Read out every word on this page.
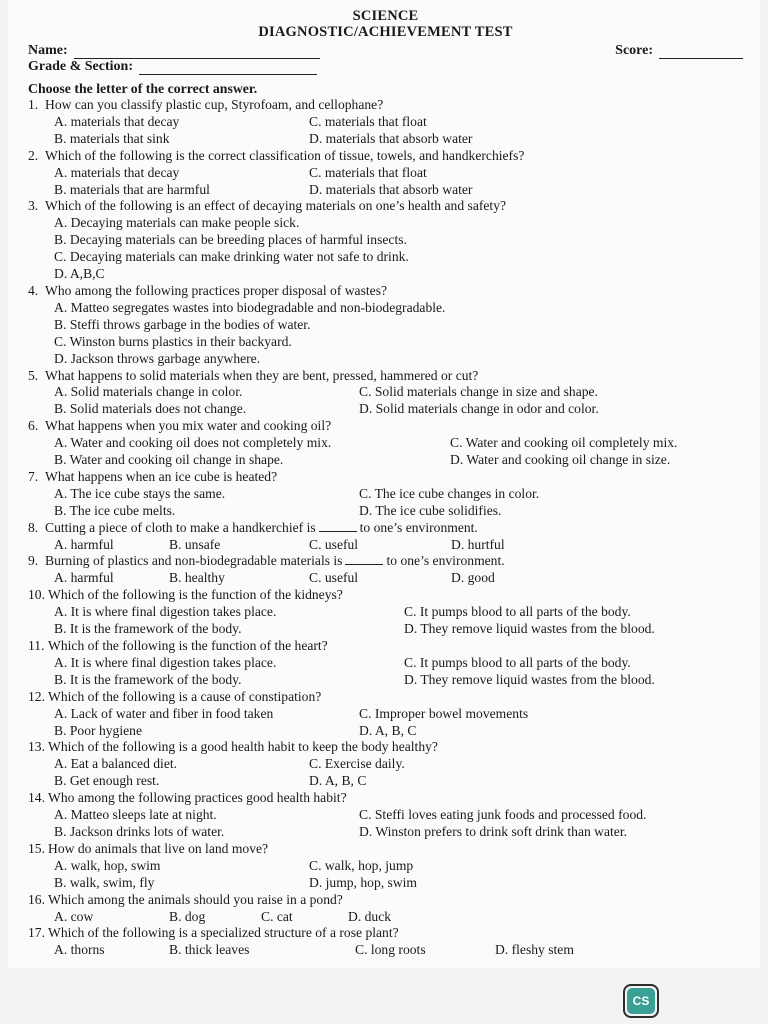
SCIENCE
DIAGNOSTIC/ACHIEVEMENT TEST
Name:
Grade & Section:
Score:
Choose the letter of the correct answer.
1. How can you classify plastic cup, Styrofoam, and cellophane?
A. materials that decay	C. materials that float
B. materials that sink	D. materials that absorb water
2. Which of the following is the correct classification of tissue, towels, and handkerchiefs?
A. materials that decay	C. materials that float
B. materials that are harmful	D. materials that absorb water
3. Which of the following is an effect of decaying materials on one’s health and safety?
A. Decaying materials can make people sick.
B. Decaying materials can be breeding places of harmful insects.
C. Decaying materials can make drinking water not safe to drink.
D. A,B,C
4. Who among the following practices proper disposal of wastes?
A. Matteo segregates wastes into biodegradable and non-biodegradable.
B. Steffi throws garbage in the bodies of water.
C. Winston burns plastics in their backyard.
D. Jackson throws garbage anywhere.
5. What happens to solid materials when they are bent, pressed, hammered or cut?
A. Solid materials change in color.	C. Solid materials change in size and shape.
B. Solid materials does not change.	D. Solid materials change in odor and color.
6. What happens when you mix water and cooking oil?
A. Water and cooking oil does not completely mix.	C. Water and cooking oil completely mix.
B. Water and cooking oil change in shape.	D. Water and cooking oil change in size.
7. What happens when an ice cube is heated?
A. The ice cube stays the same.	C. The ice cube changes in color.
B. The ice cube melts.	D. The ice cube solidifies.
8. Cutting a piece of cloth to make a handkerchief is	to one’s environment.
A. harmful	B. unsafe	C. useful	D. hurtful
9. Burning of plastics and non-biodegradable materials is	to one’s environment.
A. harmful	B. healthy	C. useful	D. good
10. Which of the following is the function of the kidneys?
A. It is where final digestion takes place.	C. It pumps blood to all parts of the body.
B. It is the framework of the body.	D. They remove liquid wastes from the blood.
11. Which of the following is the function of the heart?
A. It is where final digestion takes place.	C. It pumps blood to all parts of the body.
B. It is the framework of the body.	D. They remove liquid wastes from the blood.
12. Which of the following is a cause of constipation?
A. Lack of water and fiber in food taken	C. Improper bowel movements
B. Poor hygiene	D. A, B, C
13. Which of the following is a good health habit to keep the body healthy?
A. Eat a balanced diet.	C. Exercise daily.
B. Get enough rest.	D. A, B, C
14. Who among the following practices good health habit?
A. Matteo sleeps late at night.	C. Steffi loves eating junk foods and processed food.
B. Jackson drinks lots of water.	D. Winston prefers to drink soft drink than water.
15. How do animals that live on land move?
A. walk, hop, swim	C. walk, hop, jump
B. walk, swim, fly	D. jump, hop, swim
16. Which among the animals should you raise in a pond?
A. cow	B. dog	C. cat	D. duck
17. Which of the following is a specialized structure of a rose plant?
A. thorns	B. thick leaves	C. long roots	D. fleshy stem
CS
